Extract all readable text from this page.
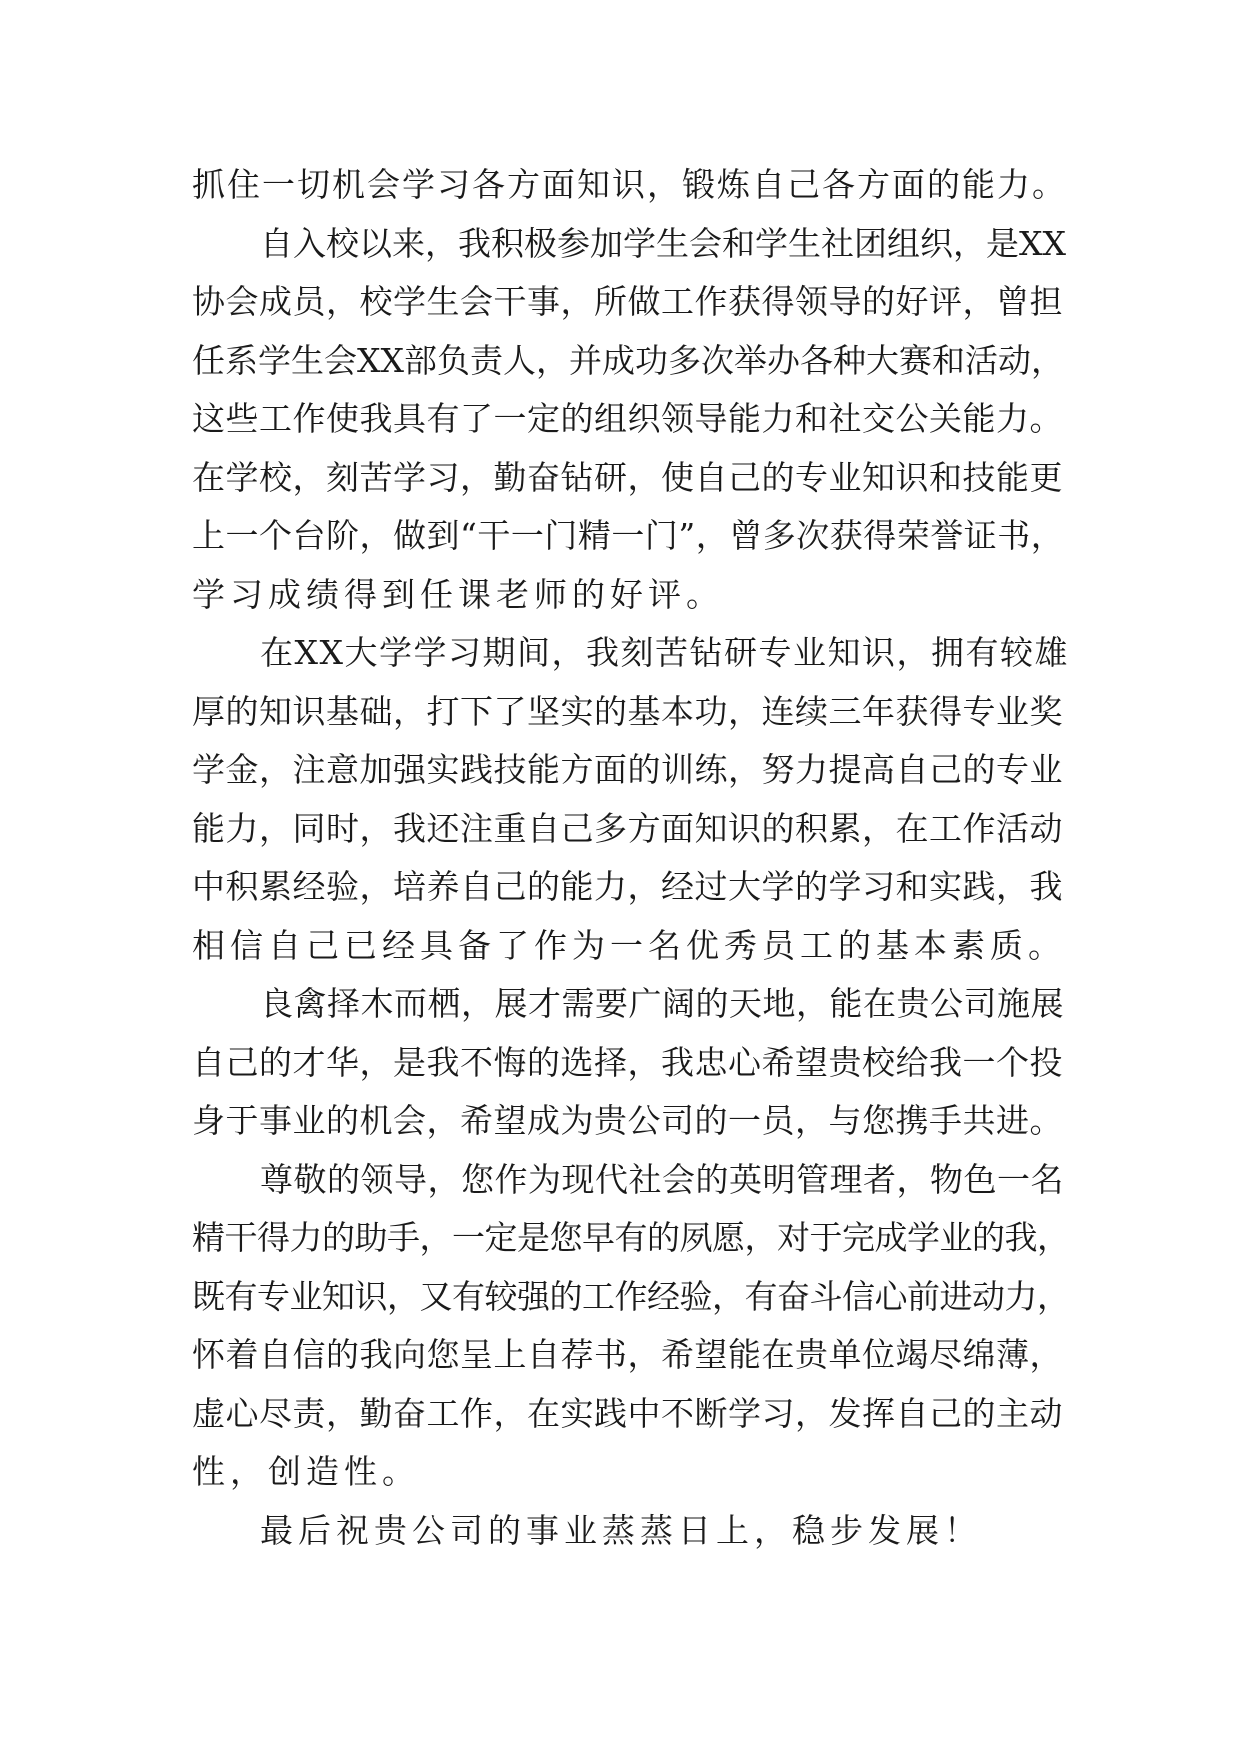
抓住一切机会学习各方面知识，锻炼自己各方面的能力。
自入校以来，我积极参加学生会和学生社团组织，是XX
协会成员，校学生会干事，所做工作获得领导的好评，曾担
任系学生会XX部负责人，并成功多次举办各种大赛和活动，
这些工作使我具有了一定的组织领导能力和社交公关能力。
在学校，刻苦学习，勤奋钻研，使自己的专业知识和技能更
上一个台阶，做到“干一门精一门”，曾多次获得荣誉证书，
学习成绩得到任课老师的好评。
在XX大学学习期间，我刻苦钻研专业知识，拥有较雄
厚的知识基础，打下了坚实的基本功，连续三年获得专业奖
学金，注意加强实践技能方面的训练，努力提高自己的专业
能力，同时，我还注重自己多方面知识的积累，在工作活动
中积累经验，培养自己的能力，经过大学的学习和实践，我
相信自己已经具备了作为一名优秀员工的基本素质。
良禽择木而栖，展才需要广阔的天地，能在贵公司施展
自己的才华，是我不悔的选择，我忠心希望贵校给我一个投
身于事业的机会，希望成为贵公司的一员，与您携手共进。
尊敬的领导，您作为现代社会的英明管理者，物色一名
精干得力的助手，一定是您早有的夙愿，对于完成学业的我，
既有专业知识，又有较强的工作经验，有奋斗信心前进动力，
怀着自信的我向您呈上自荐书，希望能在贵单位竭尽绵薄，
虚心尽责，勤奋工作，在实践中不断学习，发挥自己的主动
性，创造性。
最后祝贵公司的事业蒸蒸日上，稳步发展！
